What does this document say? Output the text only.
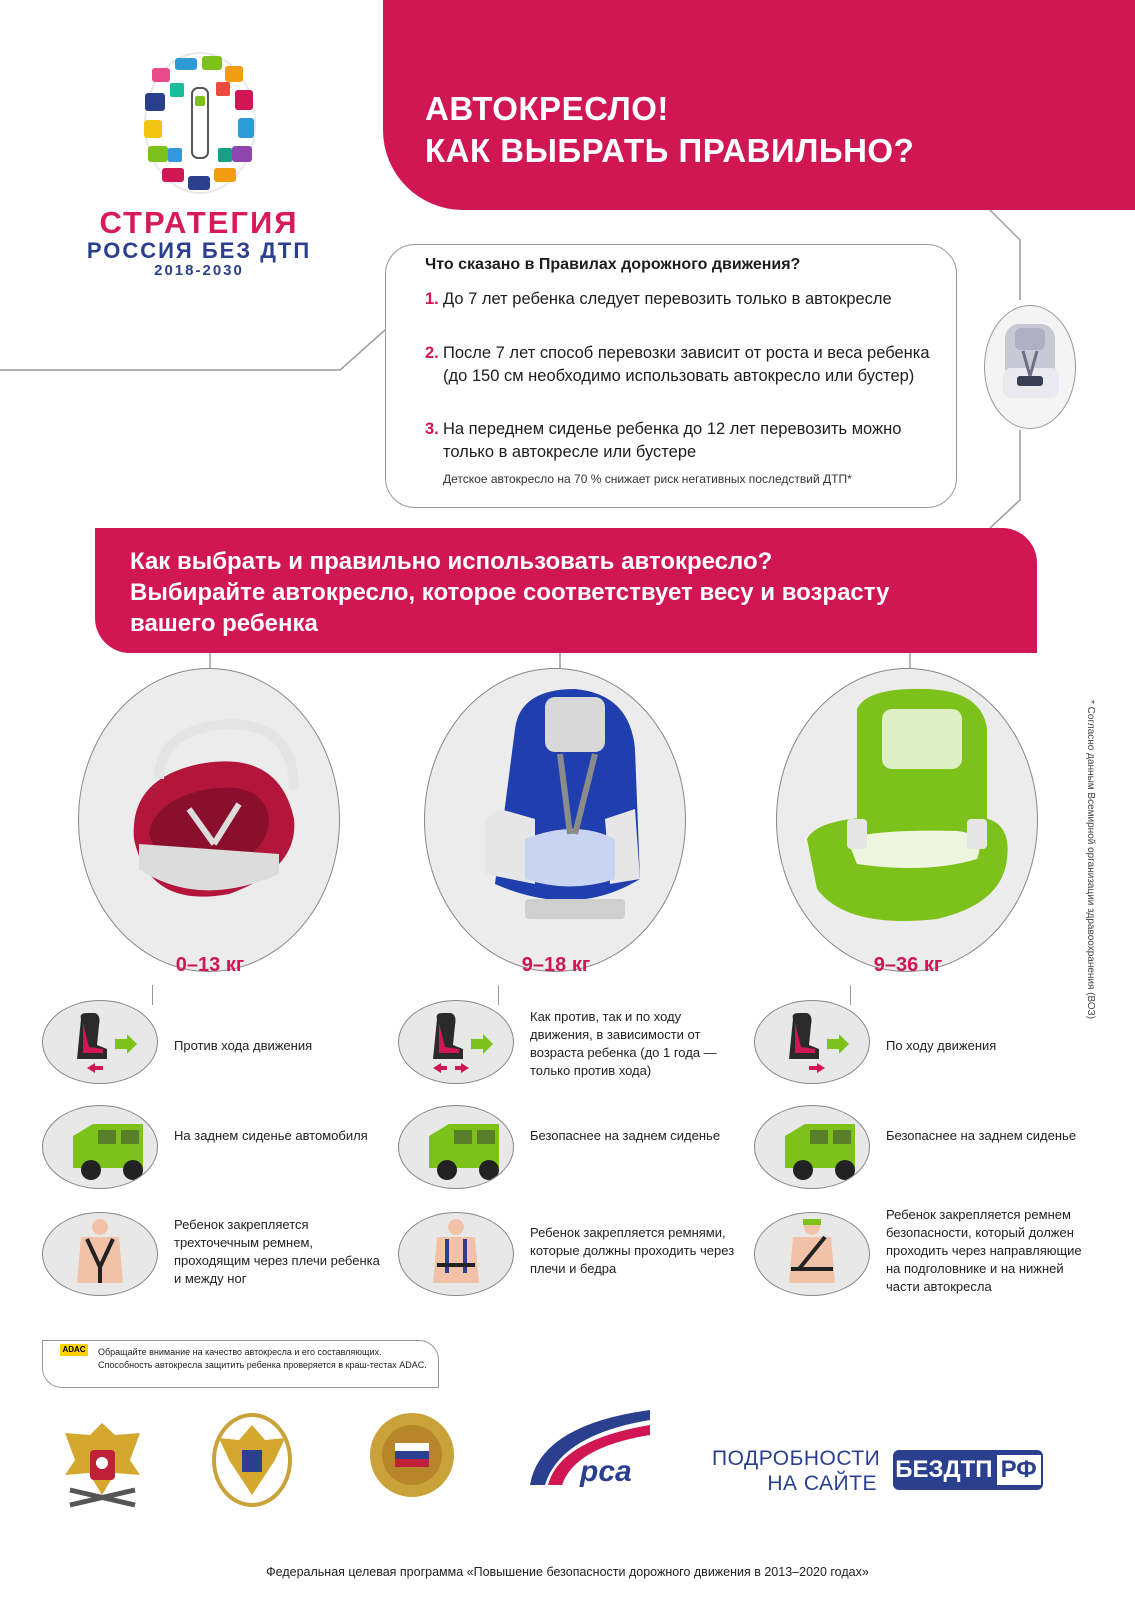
СТРАТЕГИЯ
РОССИЯ БЕЗ ДТП
2018-2030
АВТОКРЕСЛО!
КАК ВЫБРАТЬ ПРАВИЛЬНО?
Что сказано в Правилах дорожного движения?
1. До 7 лет ребенка следует перевозить только в автокресле
2. После 7 лет способ перевозки зависит от роста и веса ребенка (до 150 см необходимо использовать автокресло или бустер)
3. На переднем сиденье ребенка до 12 лет перевозить можно только в автокресле или бустере
Детское автокресло на 70 % снижает риск негативных последствий ДТП*
Как выбрать и правильно использовать автокресло?
Выбирайте автокресло, которое соответствует весу и возрасту
вашего ребенка
* Согласно данным Всемирной организации здравоохранения (ВОЗ)
0–13 кг
Против хода движения
На заднем сиденье автомобиля
Ребенок закрепляется трехточечным ремнем, проходящим через плечи ребенка и между ног
9–18 кг
Как против, так и по ходу движения, в зависимости от возраста ребенка (до 1 года — только против хода)
Безопаснее на заднем сиденье
Ребенок закрепляется ремнями, которые должны проходить через плечи и бедра
9–36 кг
По ходу движения
Безопаснее на заднем сиденье
Ребенок закрепляется ремнем безопасности, который должен проходить через направляющие на подголовнике и на нижней части автокресла
ADAC Обращайте внимание на качество автокресла и его составляющих.
Способность автокресла защитить ребенка проверяется в краш-тестах ADAC.
рса	ПОДРОБНОСТИ
НА САЙТЕ
БЕЗДТП РФ
Федеральная целевая программа «Повышение безопасности дорожного движения в 2013–2020 годах»
